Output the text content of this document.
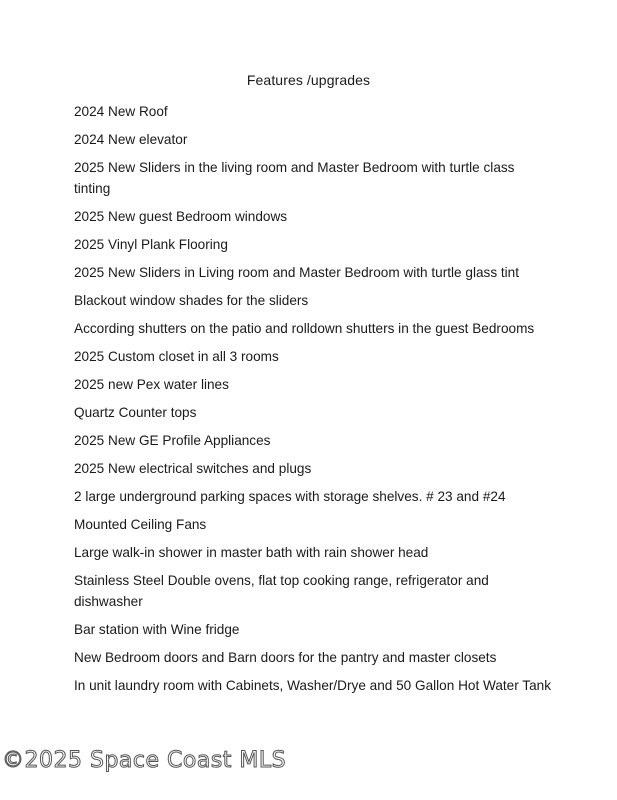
Features /upgrades
2024 New Roof
2024 New elevator
2025 New Sliders in the living room and Master Bedroom with turtle class tinting
2025 New guest Bedroom windows
2025 Vinyl Plank Flooring
2025 New Sliders in Living room and Master Bedroom with turtle glass tint
Blackout window shades for the sliders
According shutters on the patio and rolldown shutters in the guest Bedrooms
2025 Custom closet in all 3 rooms
2025 new Pex water lines
Quartz Counter tops
2025 New GE Profile Appliances
2025 New electrical switches and plugs
2 large underground parking spaces with storage shelves. # 23 and #24
Mounted Ceiling Fans
Large walk-in shower in master bath with rain shower head
Stainless Steel Double ovens, flat top cooking range, refrigerator and dishwasher
Bar station with Wine fridge
New Bedroom doors and Barn doors for the pantry and master closets
In unit laundry room with Cabinets, Washer/Drye and 50 Gallon Hot Water Tank
©2025 Space Coast MLS
